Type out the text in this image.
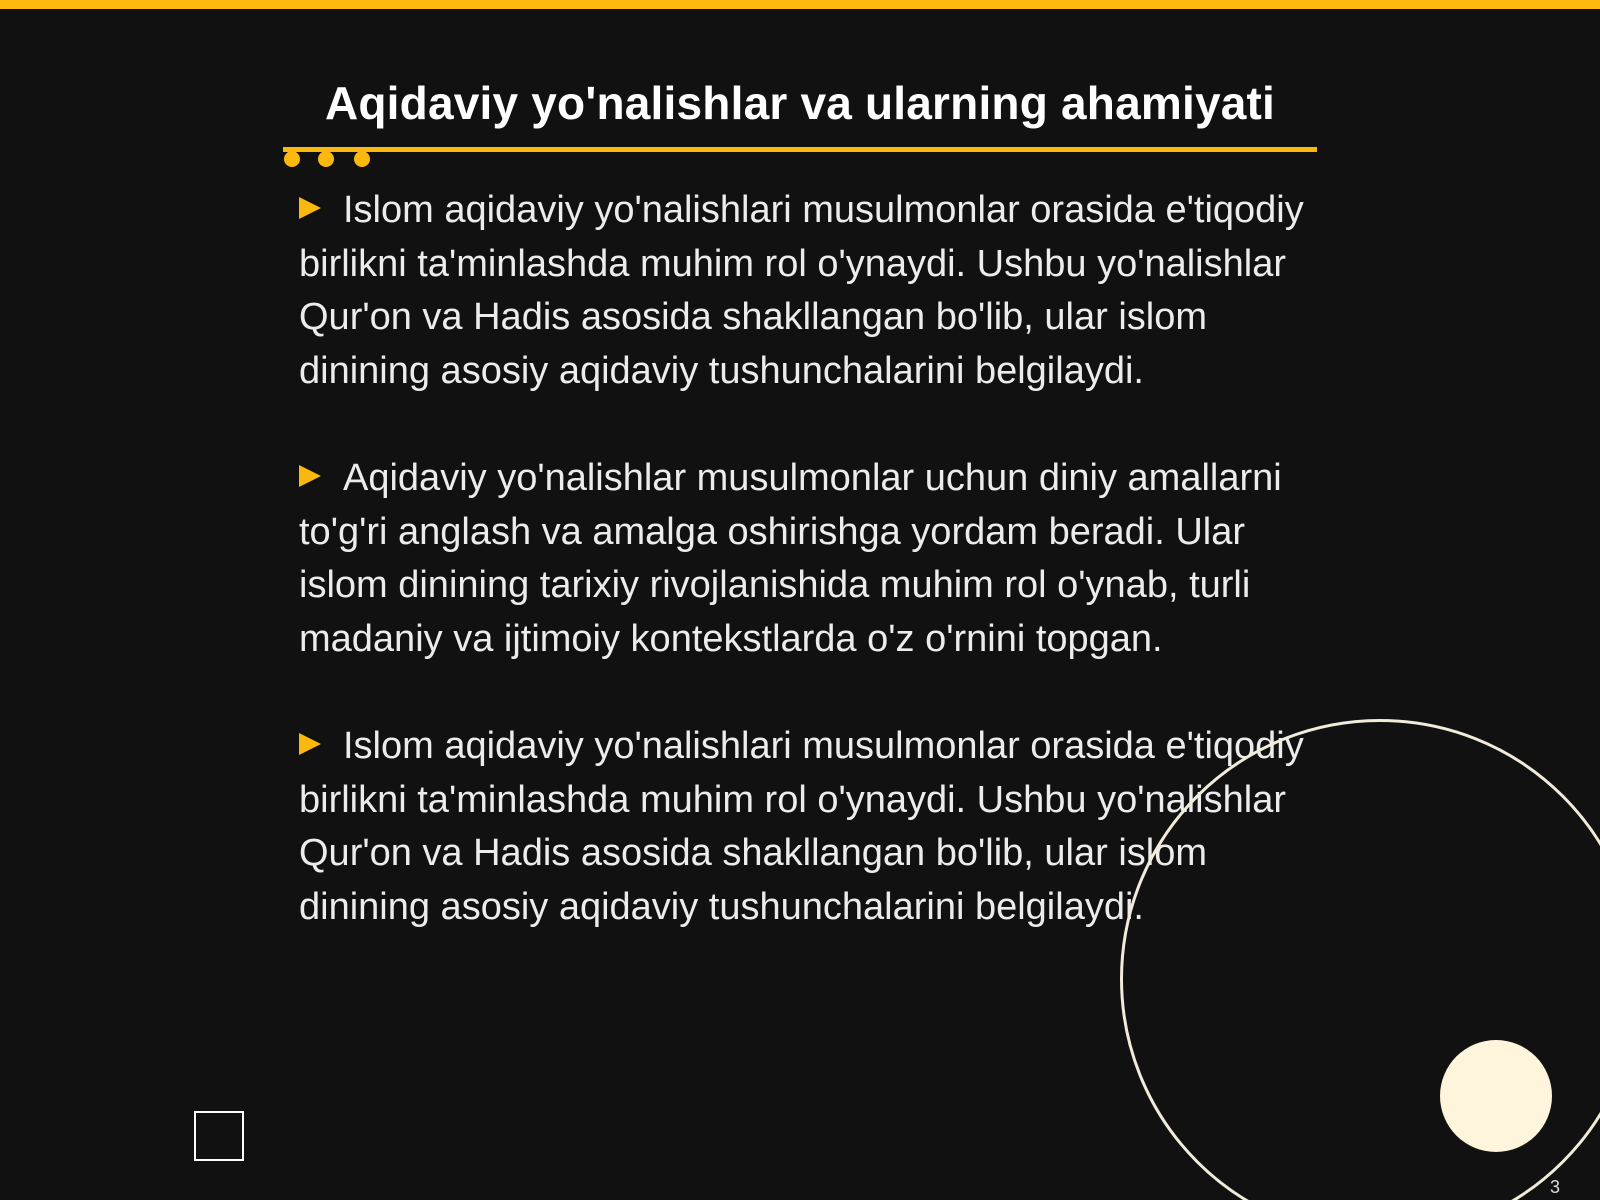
Aqidaviy yo'nalishlar va ularning ahamiyati

Islom aqidaviy yo'nalishlari musulmonlar orasida e'tiqodiy birlikni ta'minlashda muhim rol o'ynaydi. Ushbu yo'nalishlar Qur'on va Hadis asosida shakllangan bo'lib, ular islom dinining asosiy aqidaviy tushunchalarini belgilaydi.

Aqidaviy yo'nalishlar musulmonlar uchun diniy amallarni to'g'ri anglash va amalga oshirishga yordam beradi. Ular islom dinining tarixiy rivojlanishida muhim rol o'ynab, turli madaniy va ijtimoiy kontekstlarda o'z o'rnini topgan.

Islom aqidaviy yo'nalishlari musulmonlar orasida e'tiqodiy birlikni ta'minlashda muhim rol o'ynaydi. Ushbu yo'nalishlar Qur'on va Hadis asosida shakllangan bo'lib, ular islom dinining asosiy aqidaviy tushunchalarini belgilaydi.

3
